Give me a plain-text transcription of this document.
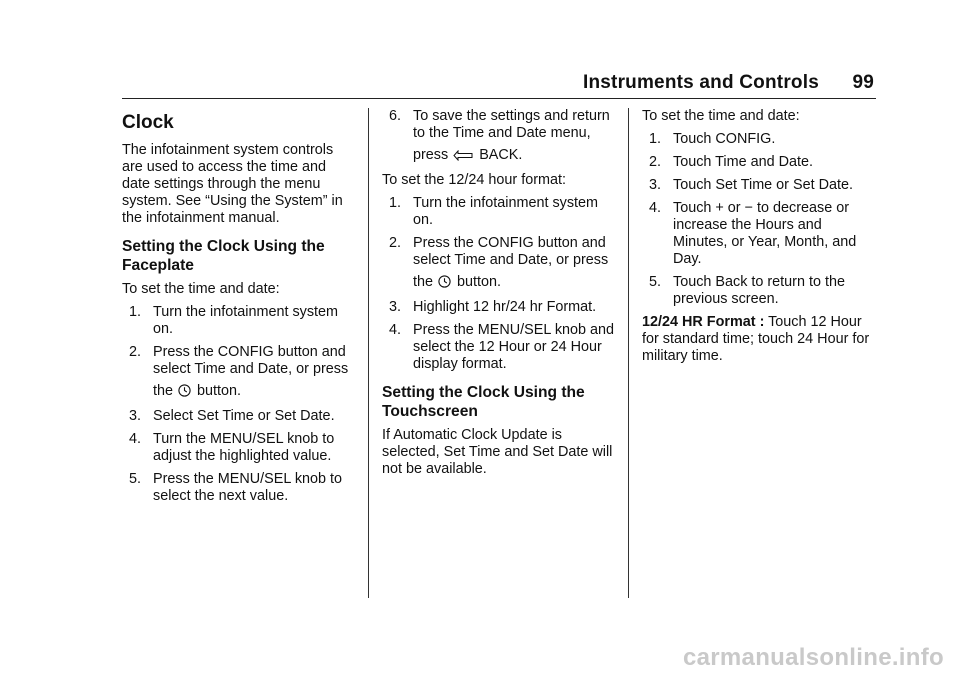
Instruments and Controls 99
Clock

The infotainment system controls are used to access the time and date settings through the menu system. See “Using the System” in the infotainment manual.

Setting the Clock Using the Faceplate

To set the time and date:

1. Turn the infotainment system on.
2. Press the CONFIG button and select Time and Date, or press
the button.
3. Select Set Time or Set Date.
4. Turn the MENU/SEL knob to adjust the highlighted value.
5. Press the MENU/SEL knob to select the next value.
6. To save the settings and return to the Time and Date menu,
press BACK.

To set the 12/24 hour format:

1. Turn the infotainment system on.
2. Press the CONFIG button and select Time and Date, or press
the button.
3. Highlight 12 hr/24 hr Format.
4. Press the MENU/SEL knob and select the 12 Hour or 24 Hour display format.
Setting the Clock Using the Touchscreen

If Automatic Clock Update is selected, Set Time and Set Date will not be available.

To set the time and date:

1. Touch CONFIG.
2. Touch Time and Date.
3. Touch Set Time or Set Date.
4. Touch + or − to decrease or increase the Hours and Minutes, or Year, Month, and Day.
5. Touch Back to return to the previous screen.

12/24 HR Format : Touch 12 Hour for standard time; touch 24 Hour for military time.

carmanualsonline.info
